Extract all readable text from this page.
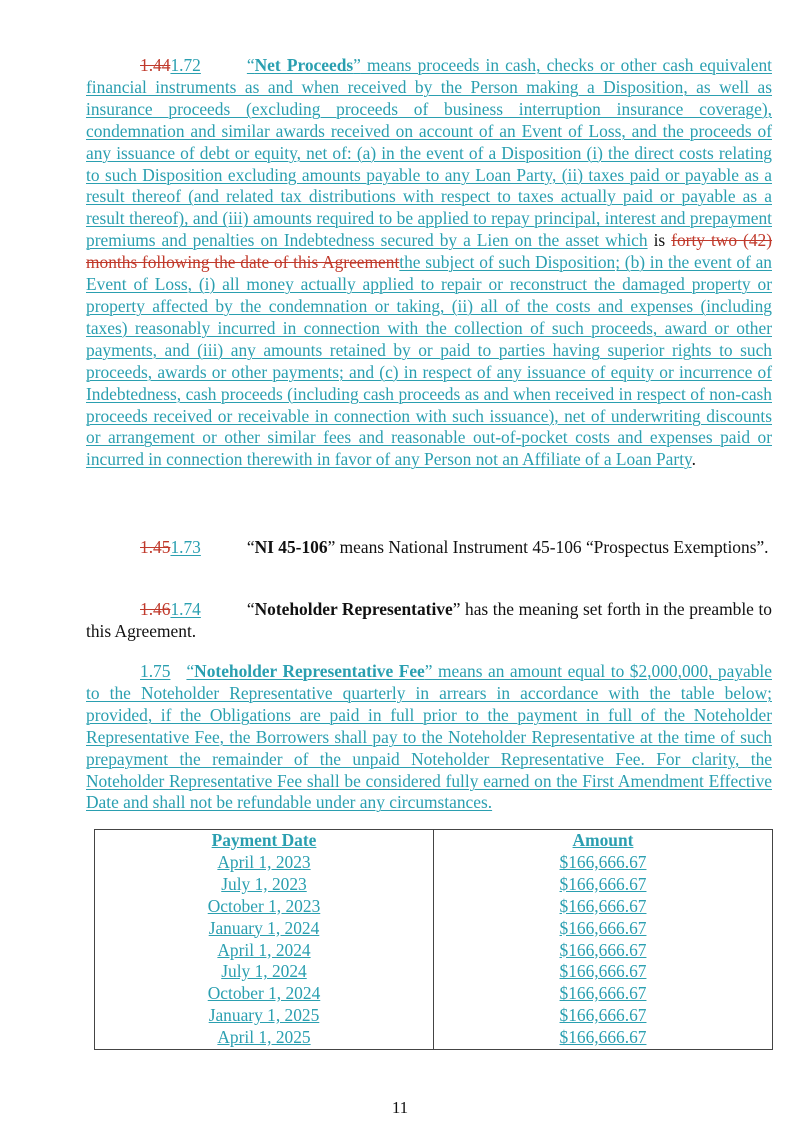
1.441.72	“Net Proceeds” means proceeds in cash, checks or other cash equivalent financial instruments as and when received by the Person making a Disposition, as well as insurance proceeds (excluding proceeds of business interruption insurance coverage), condemnation and similar awards received on account of an Event of Loss, and the proceeds of any issuance of debt or equity, net of: (a) in the event of a Disposition (i) the direct costs relating to such Disposition excluding amounts payable to any Loan Party, (ii) taxes paid or payable as a result thereof (and related tax distributions with respect to taxes actually paid or payable as a result thereof), and (iii) amounts required to be applied to repay principal, interest and prepayment premiums and penalties on Indebtedness secured by a Lien on the asset which is forty two (42) months following the date of this Agreementthe subject of such Disposition; (b) in the event of an Event of Loss, (i) all money actually applied to repair or reconstruct the damaged property or property affected by the condemnation or taking, (ii) all of the costs and expenses (including taxes) reasonably incurred in connection with the collection of such proceeds, award or other payments, and (iii) any amounts retained by or paid to parties having superior rights to such proceeds, awards or other payments; and (c) in respect of any issuance of equity or incurrence of Indebtedness, cash proceeds (including cash proceeds as and when received in respect of non-cash proceeds received or receivable in connection with such issuance), net of underwriting discounts or arrangement or other similar fees and reasonable out-of-pocket costs and expenses paid or incurred in connection therewith in favor of any Person not an Affiliate of a Loan Party.

1.451.73	“NI 45-106” means National Instrument 45-106 “Prospectus Exemptions”.

1.461.74	“Noteholder Representative” has the meaning set forth in the preamble to this Agreement.

1.75 “Noteholder Representative Fee” means an amount equal to $2,000,000, payable to the Noteholder Representative quarterly in arrears in accordance with the table below; provided, if the Obligations are paid in full prior to the payment in full of the Noteholder Representative Fee, the Borrowers shall pay to the Noteholder Representative at the time of such prepayment the remainder of the unpaid Noteholder Representative Fee. For clarity, the Noteholder Representative Fee shall be considered fully earned on the First Amendment Effective Date and shall not be refundable under any circumstances.

Payment Date	Amount
April 1, 2023	$166,666.67
July 1, 2023	$166,666.67
October 1, 2023	$166,666.67
January 1, 2024	$166,666.67
April 1, 2024	$166,666.67
July 1, 2024	$166,666.67
October 1, 2024	$166,666.67
January 1, 2025	$166,666.67
April 1, 2025	$166,666.67
11
